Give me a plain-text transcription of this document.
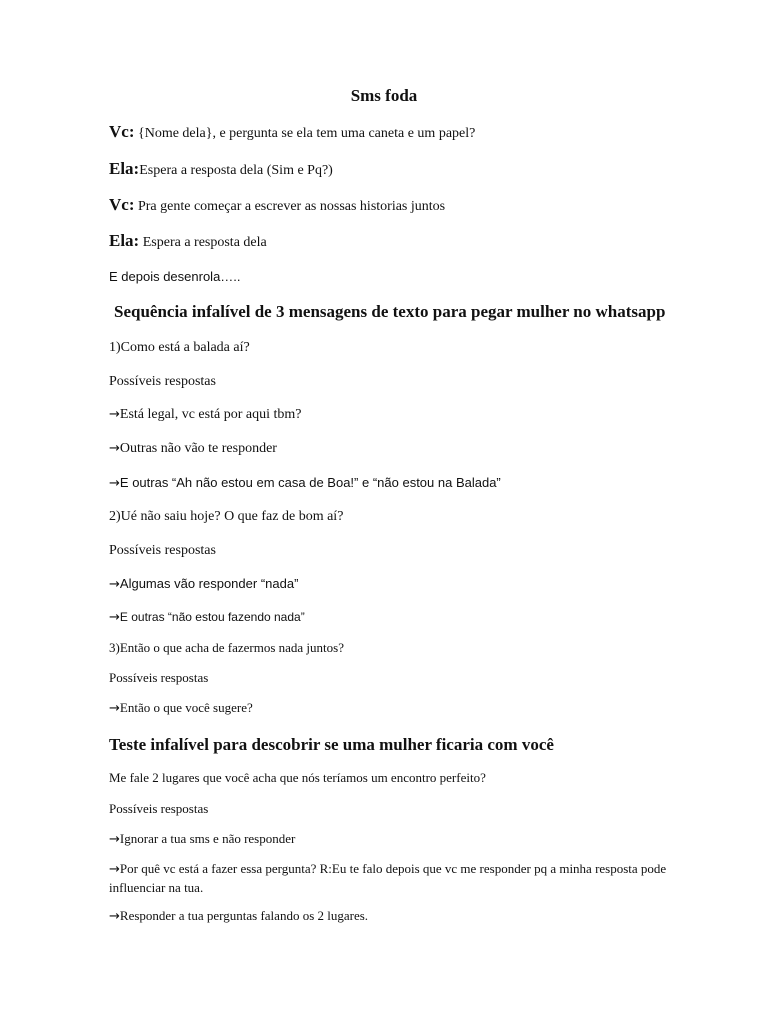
Sms foda
Vc: {Nome dela}, e pergunta se ela tem uma caneta e um papel?
Ela:Espera a resposta dela (Sim e Pq?)
Vc: Pra gente começar a escrever as nossas historias juntos
Ela: Espera a resposta dela
E depois desenrola…..
Sequência infalível de 3 mensagens de texto para pegar mulher no whatsapp
1)Como está a balada aí?
Possíveis respostas
→Está legal, vc está por aqui tbm?
→Outras não vão te responder
→E outras “Ah não estou em casa de Boa!” e “não estou na Balada”
2)Ué não saiu hoje? O que faz de bom aí?
Possíveis respostas
→Algumas vão responder “nada”
→E outras “não estou fazendo nada”
3)Então o que acha de fazermos nada juntos?
Possíveis respostas
→Então o que você sugere?
Teste infalível para descobrir se uma mulher ficaria com você
Me fale 2 lugares que você acha que nós teríamos um encontro perfeito?
Possíveis respostas
→Ignorar a tua sms e não responder
→Por quê vc está a fazer essa pergunta? R:Eu te falo depois que vc me responder pq a minha resposta pode influenciar na tua.
→Responder a tua perguntas falando os 2 lugares.
